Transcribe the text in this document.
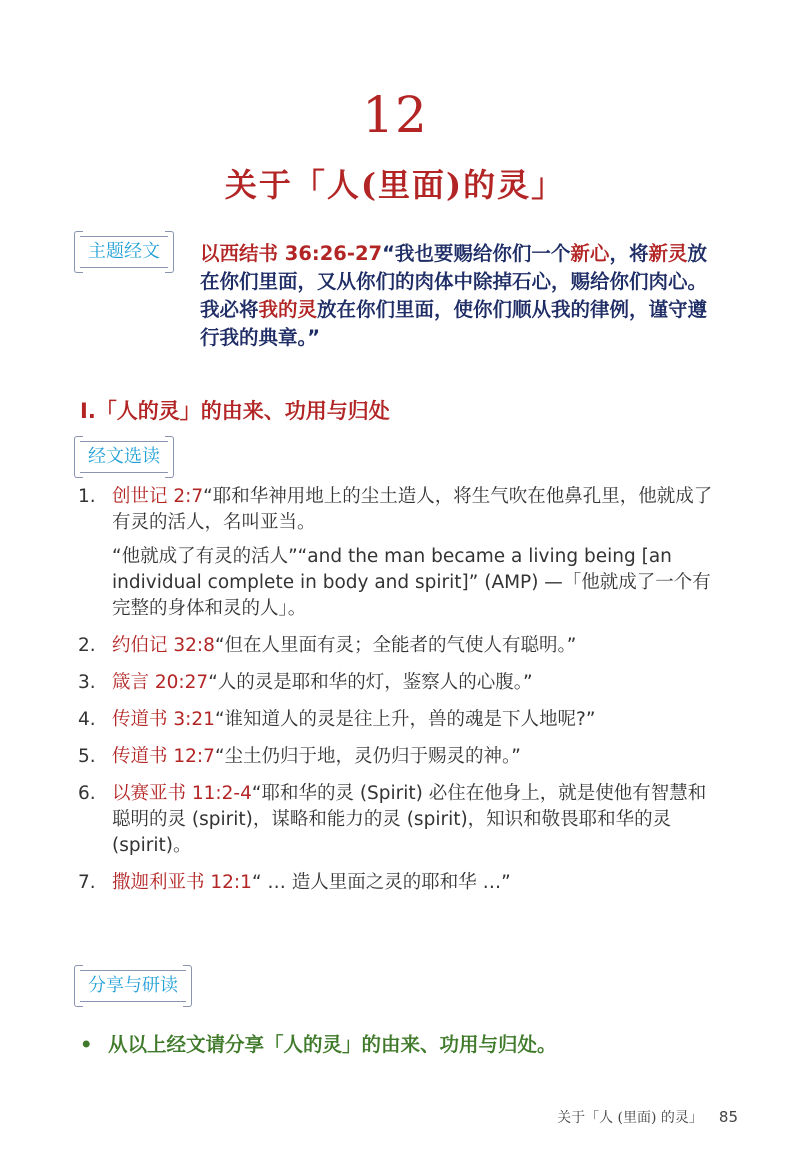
12
关于「人(里面)的灵」
主题经文	以西结书 36:26-27“我也要赐给你们一个新心，将新灵放在你们里面，又从你们的肉体中除掉石心，赐给你们肉心。我必将我的灵放在你们里面，使你们顺从我的律例，谨守遵行我的典章。”
I.「人的灵」的由来、功用与归处
经文选读
1. 创世记 2:7“耶和华神用地上的尘土造人，将生气吹在他鼻孔里，他就成了有灵的活人，名叫亚当。
“他就成了有灵的活人”“and the man became a living being [an individual complete in body and spirit]” (AMP) —「他就成了一个有完整的身体和灵的人」。
2. 约伯记 32:8“但在人里面有灵；全能者的气使人有聪明。”
3. 箴言 20:27“人的灵是耶和华的灯，鉴察人的心腹。”
4. 传道书 3:21“谁知道人的灵是往上升，兽的魂是下人地呢?”
5. 传道书 12:7“尘土仍归于地，灵仍归于赐灵的神。”
6. 以赛亚书 11:2-4“耶和华的灵 (Spirit) 必住在他身上，就是使他有智慧和聪明的灵 (spirit)，谋略和能力的灵 (spirit)，知识和敬畏耶和华的灵 (spirit)。
7. 撒迦利亚书 12:1“ … 造人里面之灵的耶和华 …”
分享与研读
• 从以上经文请分享「人的灵」的由来、功用与归处。
关于「人 (里面) 的灵」 85
